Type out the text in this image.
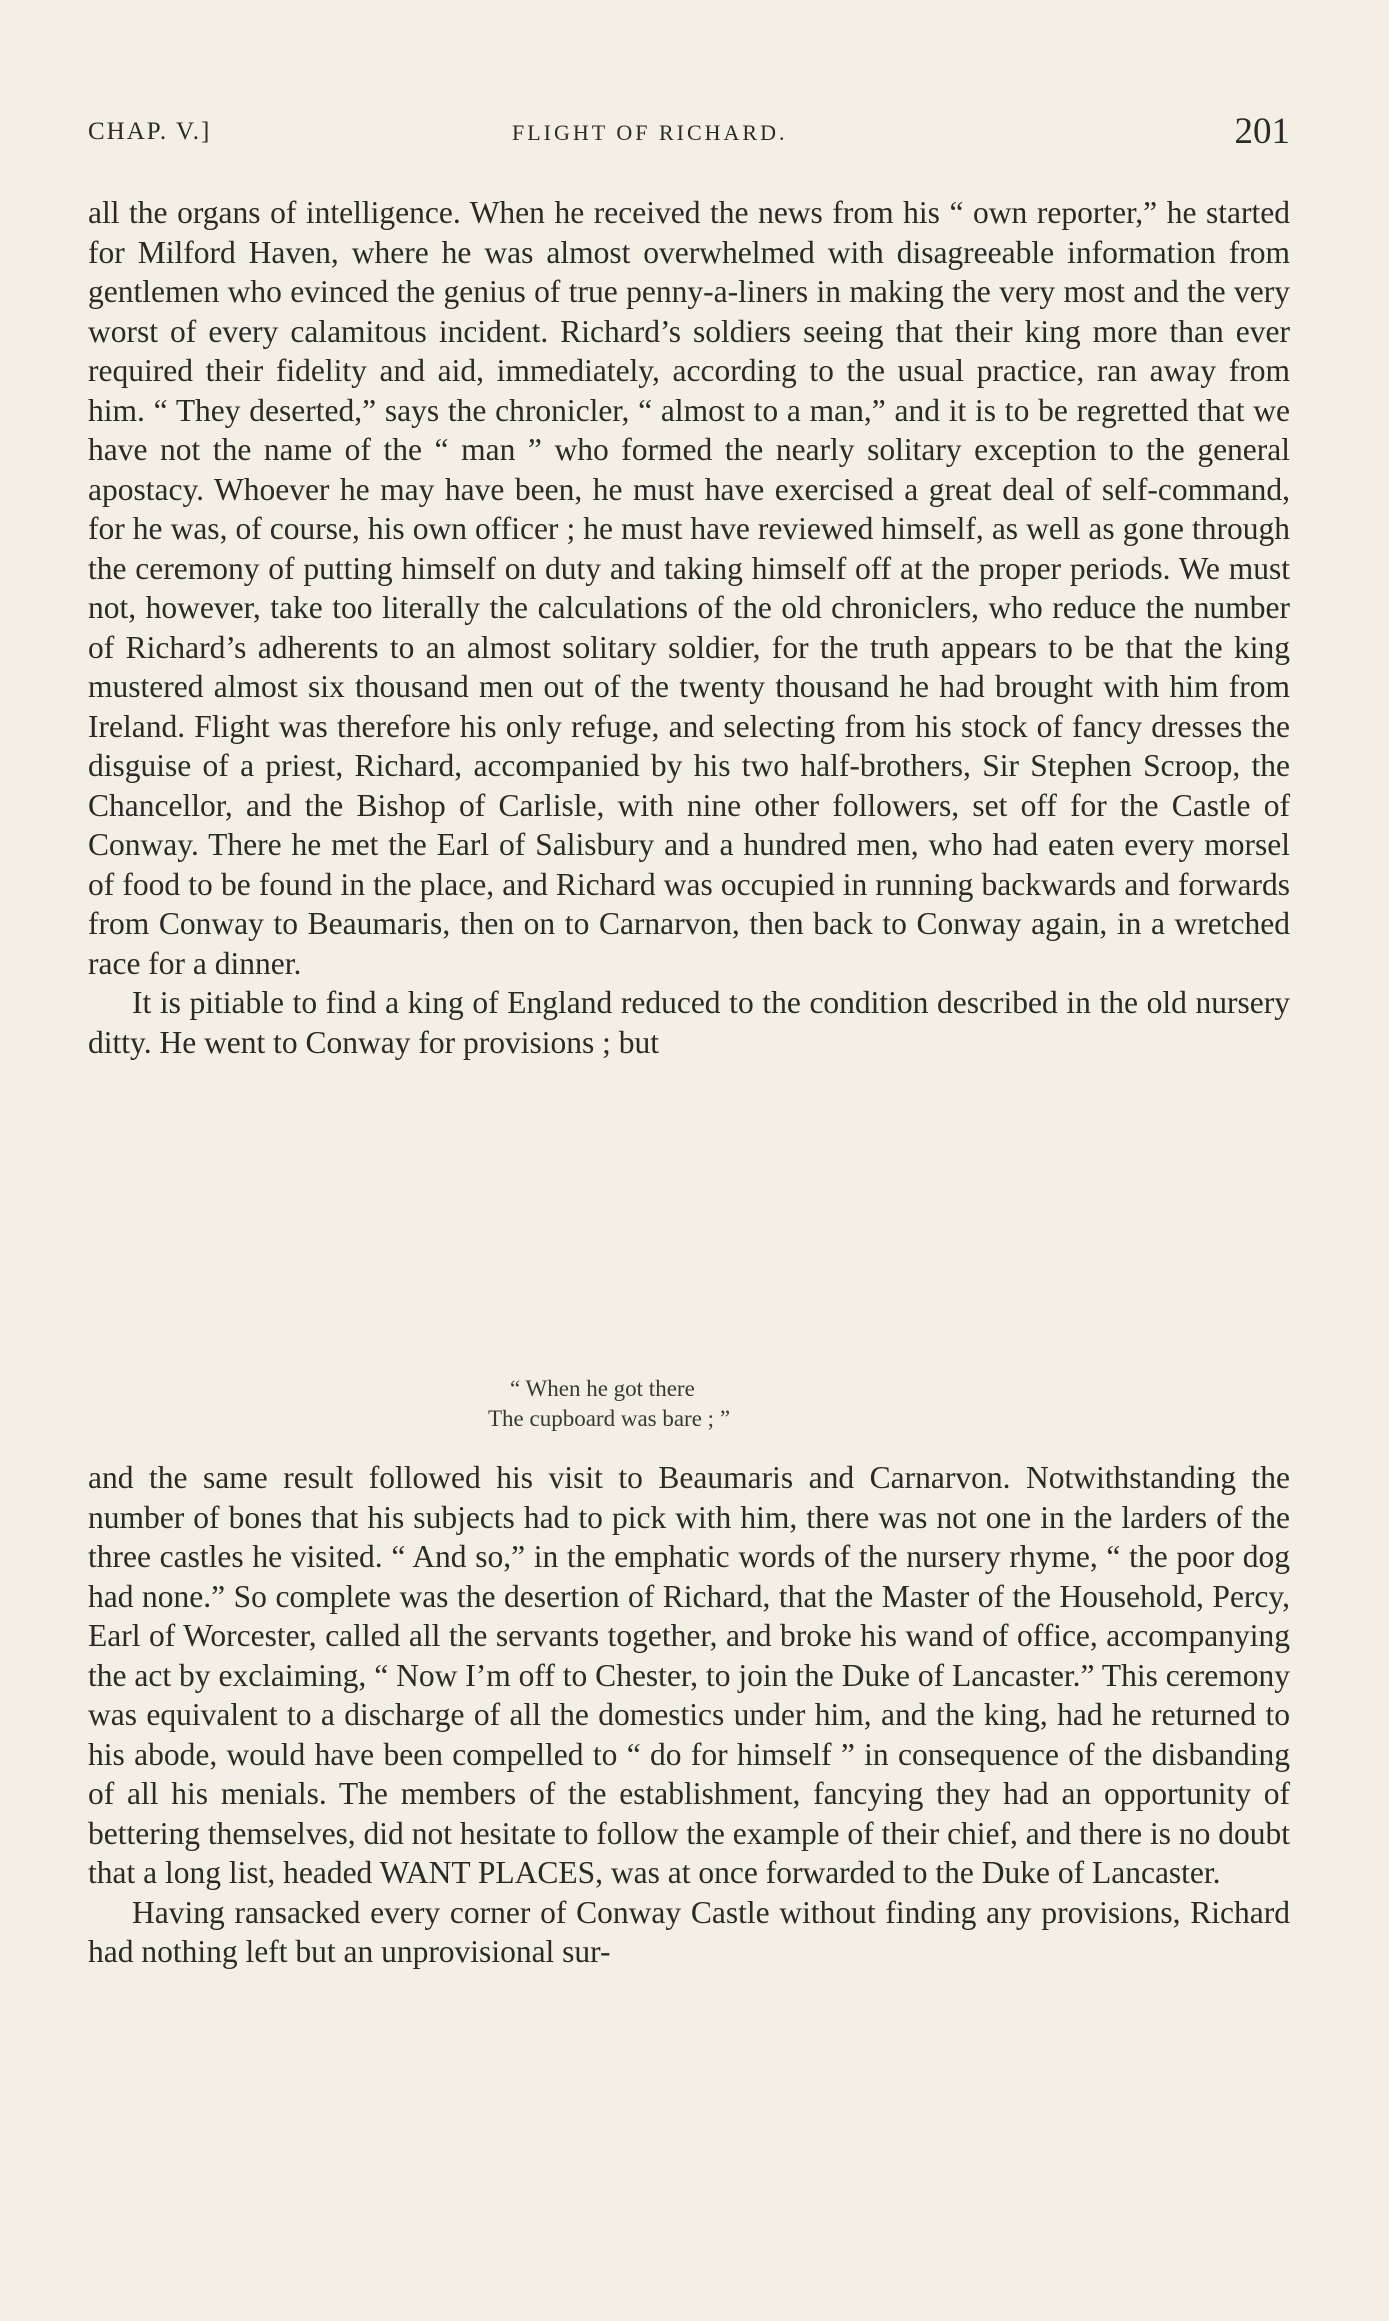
CHAP. V.]	FLIGHT OF RICHARD.	201

all the organs of intelligence. When he received the news from his “ own reporter,” he started for Milford Haven, where he was almost overwhelmed with disagreeable information from gentlemen who evinced the genius of true penny-a-liners in making the very most and the very worst of every calamitous incident. Richard’s soldiers seeing that their king more than ever required their fidelity and aid, immediately, according to the usual practice, ran away from him. “ They deserted,” says the chronicler, “ almost to a man,” and it is to be regretted that we have not the name of the “ man ” who formed the nearly solitary exception to the general apostacy. Whoever he may have been, he must have exercised a great deal of self-command, for he was, of course, his own officer ; he must have reviewed himself, as well as gone through the ceremony of putting himself on duty and taking himself off at the proper periods. We must not, however, take too literally the calculations of the old chroniclers, who reduce the number of Richard’s adherents to an almost solitary soldier, for the truth appears to be that the king mustered almost six thousand men out of the twenty thousand he had brought with him from Ireland. Flight was therefore his only refuge, and selecting from his stock of fancy dresses the disguise of a priest, Richard, accompanied by his two half-brothers, Sir Stephen Scroop, the Chancellor, and the Bishop of Carlisle, with nine other followers, set off for the Castle of Conway. There he met the Earl of Salisbury and a hundred men, who had eaten every morsel of food to be found in the place, and Richard was occupied in running backwards and forwards from Conway to Beaumaris, then on to Carnarvon, then back to Conway again, in a wretched race for a dinner.

It is pitiable to find a king of England reduced to the condition described in the old nursery ditty. He went to Conway for provisions ; but

“ When he got there
The cupboard was bare ; ”

and the same result followed his visit to Beaumaris and Carnarvon. Notwithstanding the number of bones that his subjects had to pick with him, there was not one in the larders of the three castles he visited. “ And so,” in the emphatic words of the nursery rhyme, “ the poor dog had none.” So complete was the desertion of Richard, that the Master of the Household, Percy, Earl of Worcester, called all the servants together, and broke his wand of office, accompanying the act by exclaiming, “ Now I’m off to Chester, to join the Duke of Lancaster.” This ceremony was equivalent to a discharge of all the domestics under him, and the king, had he returned to his abode, would have been compelled to “ do for himself ” in consequence of the disbanding of all his menials. The members of the establishment, fancying they had an opportunity of bettering themselves, did not hesitate to follow the example of their chief, and there is no doubt that a long list, headed WANT PLACES, was at once forwarded to the Duke of Lancaster.

Having ransacked every corner of Conway Castle without finding any provisions, Richard had nothing left but an unprovisional sur-
